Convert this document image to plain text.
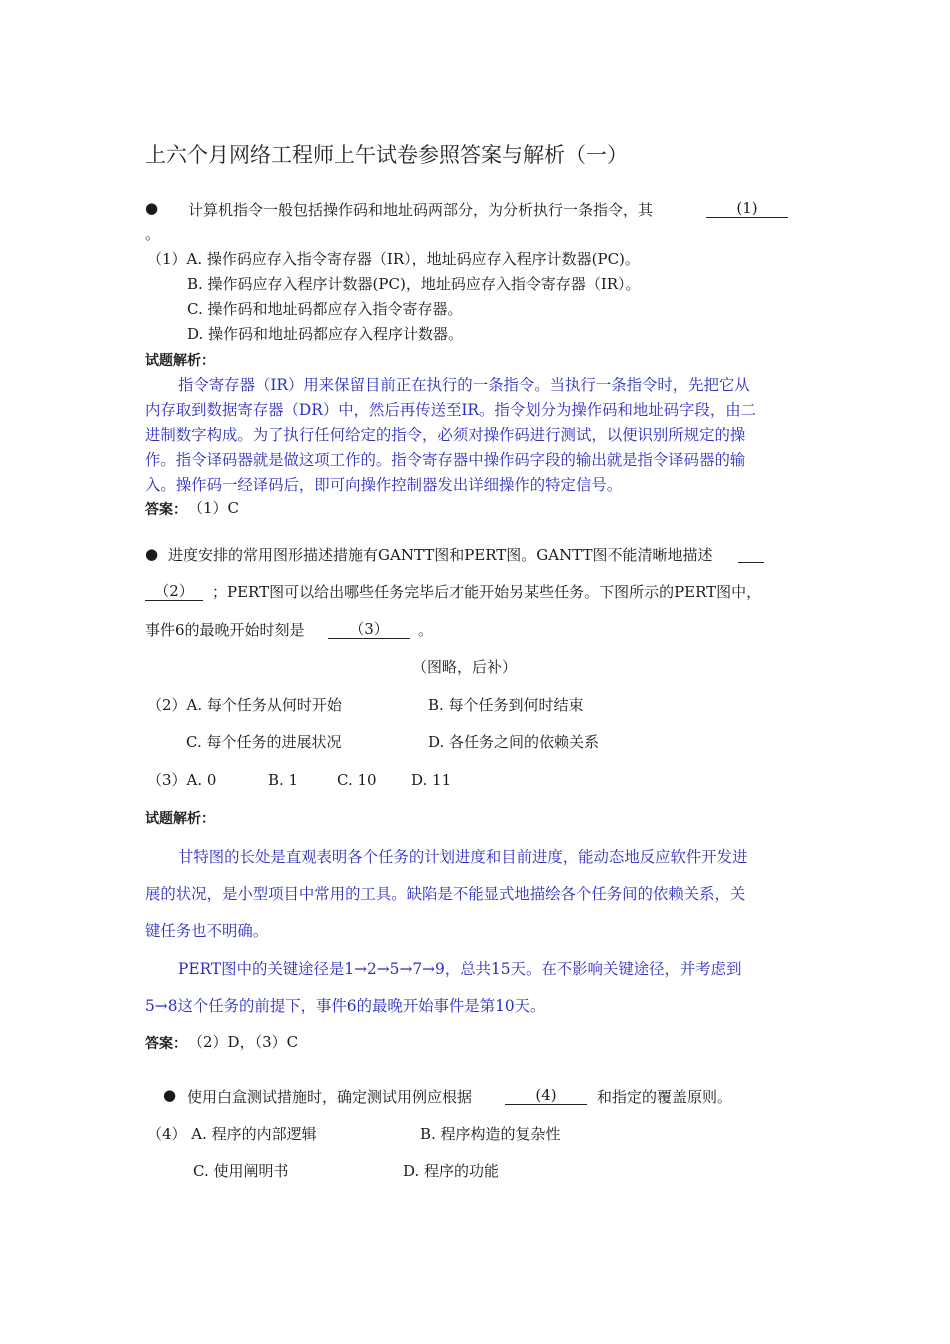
上六个月网络工程师上午试卷参照答案与解析（一）
● 计算机指令一般包括操作码和地址码两部分，为分析执行一条指令，其	(1)
。
（1）A. 操作码应存入指令寄存器（IR），地址码应存入程序计数器(PC)。
B. 操作码应存入程序计数器(PC)，地址码应存入指令寄存器（IR）。
C. 操作码和地址码都应存入指令寄存器。
D. 操作码和地址码都应存入程序计数器。
试题解析：
指令寄存器（IR）用来保留目前正在执行的一条指令。当执行一条指令时，先把它从
内存取到数据寄存器（DR）中，然后再传送至IR。指令划分为操作码和地址码字段，由二
进制数字构成。为了执行任何给定的指令，必须对操作码进行测试，以便识别所规定的操
作。指令译码器就是做这项工作的。指令寄存器中操作码字段的输出就是指令译码器的输
入。操作码一经译码后，即可向操作控制器发出详细操作的特定信号。
答案： （1）C
● 进度安排的常用图形描述措施有GANTT图和PERT图。GANTT图不能清晰地描述
（2）	；PERT图可以给出哪些任务完毕后才能开始另某些任务。下图所示的PERT图中，
事件6的最晚开始时刻是	（3）	。
（图略，后补）
（2）A. 每个任务从何时开始	B. 每个任务到何时结束
C. 每个任务的进展状况	D. 各任务之间的依赖关系
（3）A. 0	B. 1	C. 10 D. 11
试题解析：
甘特图的长处是直观表明各个任务的计划进度和目前进度，能动态地反应软件开发进
展的状况，是小型项目中常用的工具。缺陷是不能显式地描绘各个任务间的依赖关系，关
键任务也不明确。
PERT图中的关键途径是1→2→5→7→9，总共15天。在不影响关键途径，并考虑到
5→8这个任务的前提下，事件6的最晚开始事件是第10天。
答案： （2）D，（3）C
● 使用白盒测试措施时，确定测试用例应根据	(4)	和指定的覆盖原则。
（4） A. 程序的内部逻辑	B. 程序构造的复杂性
C. 使用阐明书	D. 程序的功能
